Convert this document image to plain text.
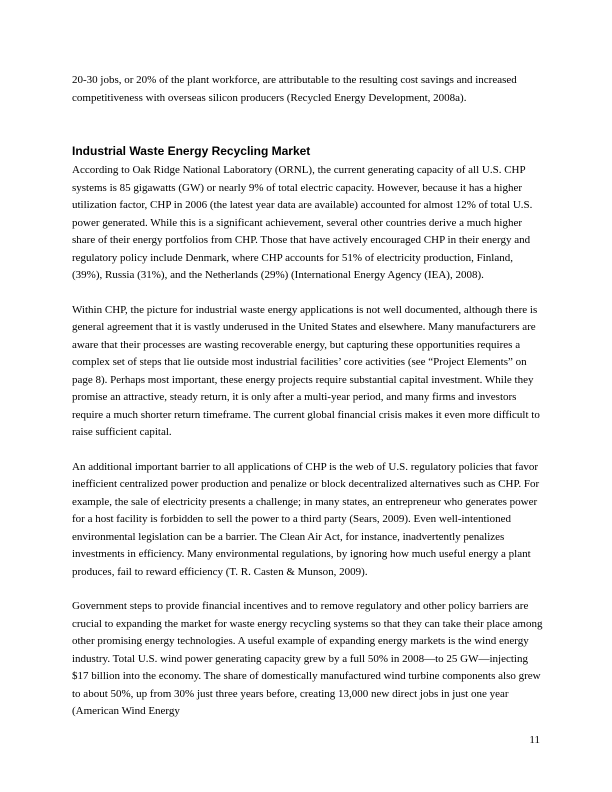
20-30 jobs, or 20% of the plant workforce, are attributable to the resulting cost savings and increased competitiveness with overseas silicon producers (Recycled Energy Development, 2008a).

Industrial Waste Energy Recycling Market

According to Oak Ridge National Laboratory (ORNL), the current generating capacity of all U.S. CHP systems is 85 gigawatts (GW) or nearly 9% of total electric capacity. However, because it has a higher utilization factor, CHP in 2006 (the latest year data are available) accounted for almost 12% of total U.S. power generated. While this is a significant achievement, several other countries derive a much higher share of their energy portfolios from CHP. Those that have actively encouraged CHP in their energy and regulatory policy include Denmark, where CHP accounts for 51% of electricity production, Finland, (39%), Russia (31%), and the Netherlands (29%) (International Energy Agency (IEA), 2008).

Within CHP, the picture for industrial waste energy applications is not well documented, although there is general agreement that it is vastly underused in the United States and elsewhere. Many manufacturers are aware that their processes are wasting recoverable energy, but capturing these opportunities requires a complex set of steps that lie outside most industrial facilities’ core activities (see “Project Elements” on page 8). Perhaps most important, these energy projects require substantial capital investment. While they promise an attractive, steady return, it is only after a multi-year period, and many firms and investors require a much shorter return timeframe. The current global financial crisis makes it even more difficult to raise sufficient capital.

An additional important barrier to all applications of CHP is the web of U.S. regulatory policies that favor inefficient centralized power production and penalize or block decentralized alternatives such as CHP. For example, the sale of electricity presents a challenge; in many states, an entrepreneur who generates power for a host facility is forbidden to sell the power to a third party (Sears, 2009). Even well-intentioned environmental legislation can be a barrier. The Clean Air Act, for instance, inadvertently penalizes investments in efficiency. Many environmental regulations, by ignoring how much useful energy a plant produces, fail to reward efficiency (T. R. Casten & Munson, 2009).

Government steps to provide financial incentives and to remove regulatory and other policy barriers are crucial to expanding the market for waste energy recycling systems so that they can take their place among other promising energy technologies. A useful example of expanding energy markets is the wind energy industry. Total U.S. wind power generating capacity grew by a full 50% in 2008—to 25 GW—injecting $17 billion into the economy. The share of domestically manufactured wind turbine components also grew to about 50%, up from 30% just three years before, creating 13,000 new direct jobs in just one year (American Wind Energy

11
